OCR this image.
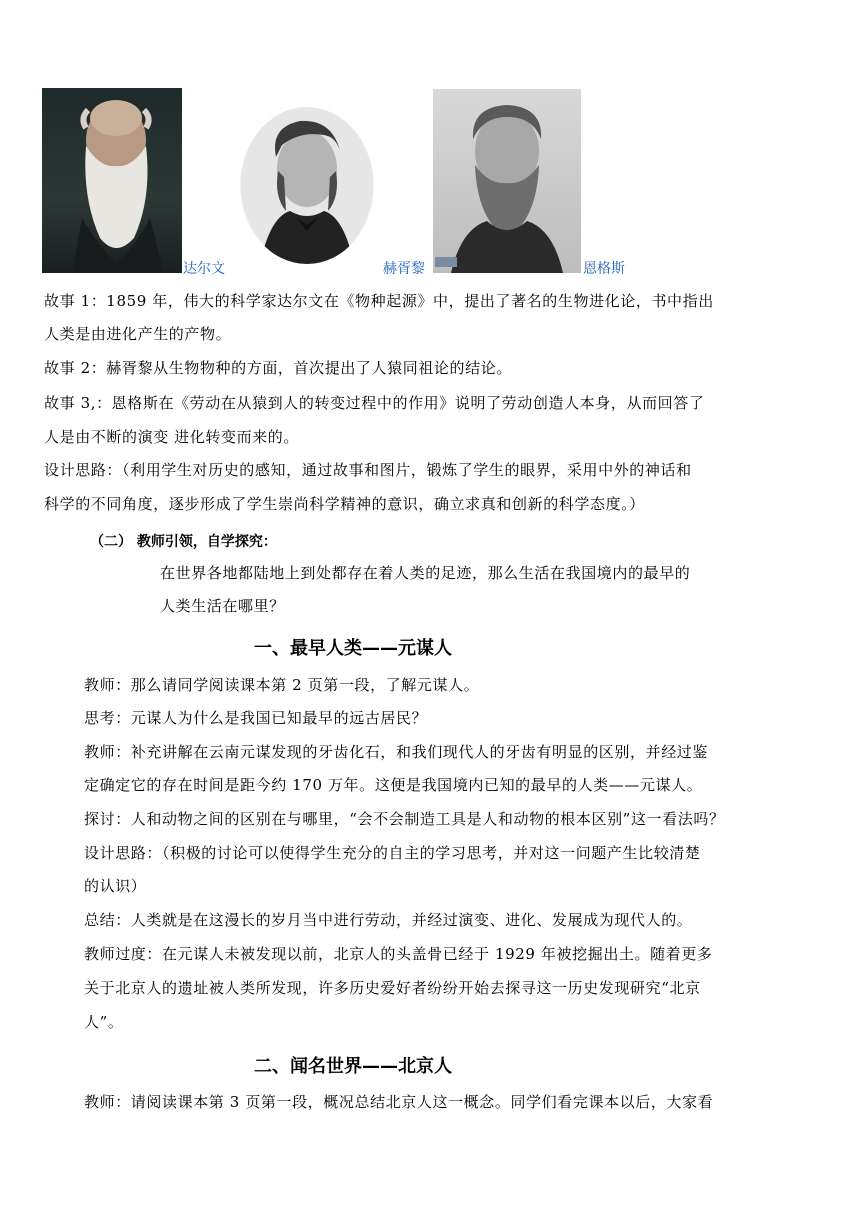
达尔文	赫胥黎	恩格斯
故事 1：1859 年，伟大的科学家达尔文在《物种起源》中，提出了著名的生物进化论，书中指出
人类是由进化产生的产物。
故事 2：赫胥黎从生物物种的方面，首次提出了人猿同祖论的结论。
故事 3,：恩格斯在《劳动在从猿到人的转变过程中的作用》说明了劳动创造人本身，从而回答了
人是由不断的演变 进化转变而来的。
设计思路：（利用学生对历史的感知，通过故事和图片，锻炼了学生的眼界，采用中外的神话和
科学的不同角度，逐步形成了学生崇尚科学精神的意识，确立求真和创新的科学态度。）
（二） 教师引领，自学探究：
在世界各地都陆地上到处都存在着人类的足迹，那么生活在我国境内的最早的
人类生活在哪里？
一、最早人类——元谋人
教师：那么请同学阅读课本第 2 页第一段，了解元谋人。
思考：元谋人为什么是我国已知最早的远古居民？
教师：补充讲解在云南元谋发现的牙齿化石，和我们现代人的牙齿有明显的区别，并经过鉴
定确定它的存在时间是距今约 170 万年。这便是我国境内已知的最早的人类——元谋人。
探讨：人和动物之间的区别在与哪里，“会不会制造工具是人和动物的根本区别”这一看法吗？
设计思路：（积极的讨论可以使得学生充分的自主的学习思考，并对这一问题产生比较清楚
的认识）
总结：人类就是在这漫长的岁月当中进行劳动，并经过演变、进化、发展成为现代人的。
教师过度：在元谋人未被发现以前，北京人的头盖骨已经于 1929 年被挖掘出土。随着更多
关于北京人的遗址被人类所发现，许多历史爱好者纷纷开始去探寻这一历史发现研究“北京
人”。
二、闻名世界——北京人
教师：请阅读课本第 3 页第一段，概况总结北京人这一概念。同学们看完课本以后，大家看
